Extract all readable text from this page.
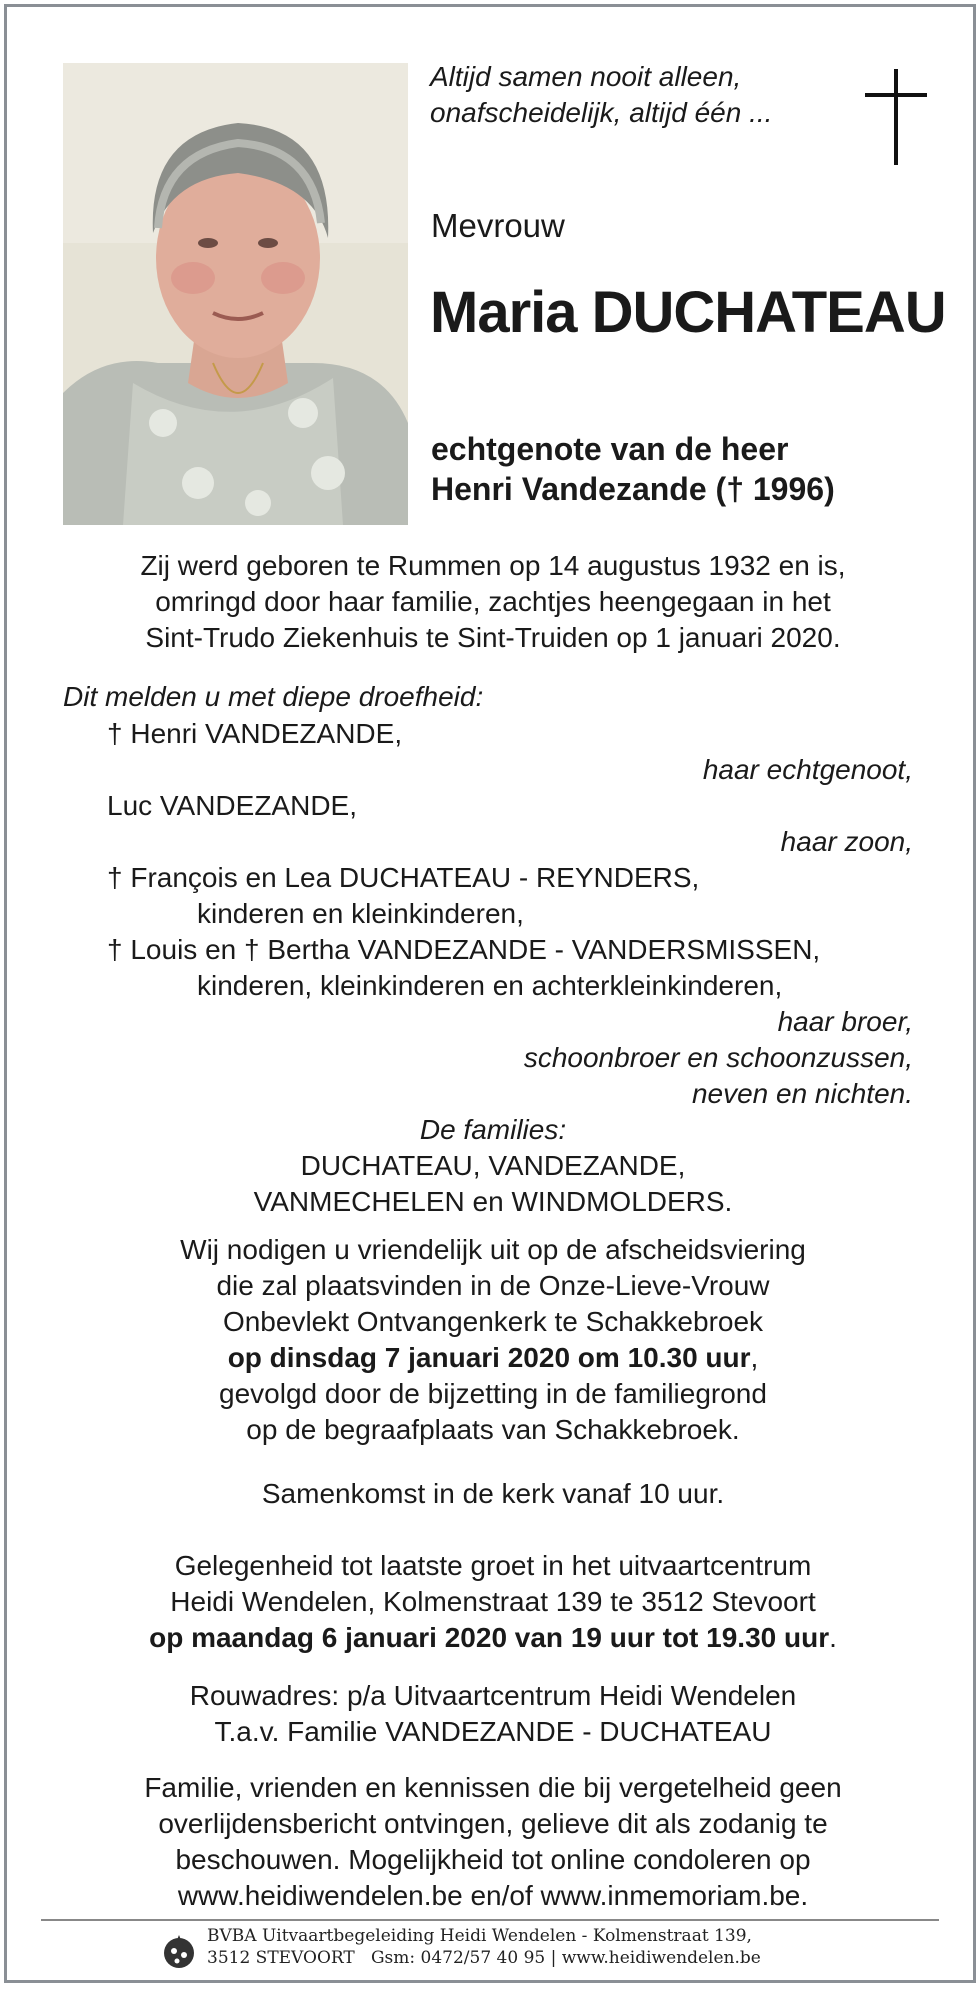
Altijd samen nooit alleen,
onafscheidelijk, altijd één ...
Mevrouw
Maria DUCHATEAU
echtgenote van de heer
Henri Vandezande († 1996)
Zij werd geboren te Rummen op 14 augustus 1932 en is,
omringd door haar familie, zachtjes heengegaan in het
Sint-Trudo Ziekenhuis te Sint-Truiden op 1 januari 2020.
Dit melden u met diepe droefheid:
† Henri VANDEZANDE,
haar echtgenoot,
Luc VANDEZANDE,
haar zoon,
† François en Lea DUCHATEAU - REYNDERS,
kinderen en kleinkinderen,
† Louis en † Bertha VANDEZANDE - VANDERSMISSEN,
kinderen, kleinkinderen en achterkleinkinderen,
haar broer,
schoonbroer en schoonzussen,
neven en nichten.
De families:
DUCHATEAU, VANDEZANDE,
VANMECHELEN en WINDMOLDERS.
Wij nodigen u vriendelijk uit op de afscheidsviering
die zal plaatsvinden in de Onze-Lieve-Vrouw
Onbevlekt Ontvangenkerk te Schakkebroek
op dinsdag 7 januari 2020 om 10.30 uur,
gevolgd door de bijzetting in de familiegrond
op de begraafplaats van Schakkebroek.
Samenkomst in de kerk vanaf 10 uur.
Gelegenheid tot laatste groet in het uitvaartcentrum
Heidi Wendelen, Kolmenstraat 139 te 3512 Stevoort
op maandag 6 januari 2020 van 19 uur tot 19.30 uur.
Rouwadres: p/a Uitvaartcentrum Heidi Wendelen
T.a.v. Familie VANDEZANDE - DUCHATEAU
Familie, vrienden en kennissen die bij vergetelheid geen
overlijdensbericht ontvingen, gelieve dit als zodanig te
beschouwen. Mogelijkheid tot online condoleren op
www.heidiwendelen.be en/of www.inmemoriam.be.
BVBA Uitvaartbegeleiding Heidi Wendelen - Kolmenstraat 139,
3512 STEVOORT   Gsm: 0472/57 40 95 | www.heidiwendelen.be
